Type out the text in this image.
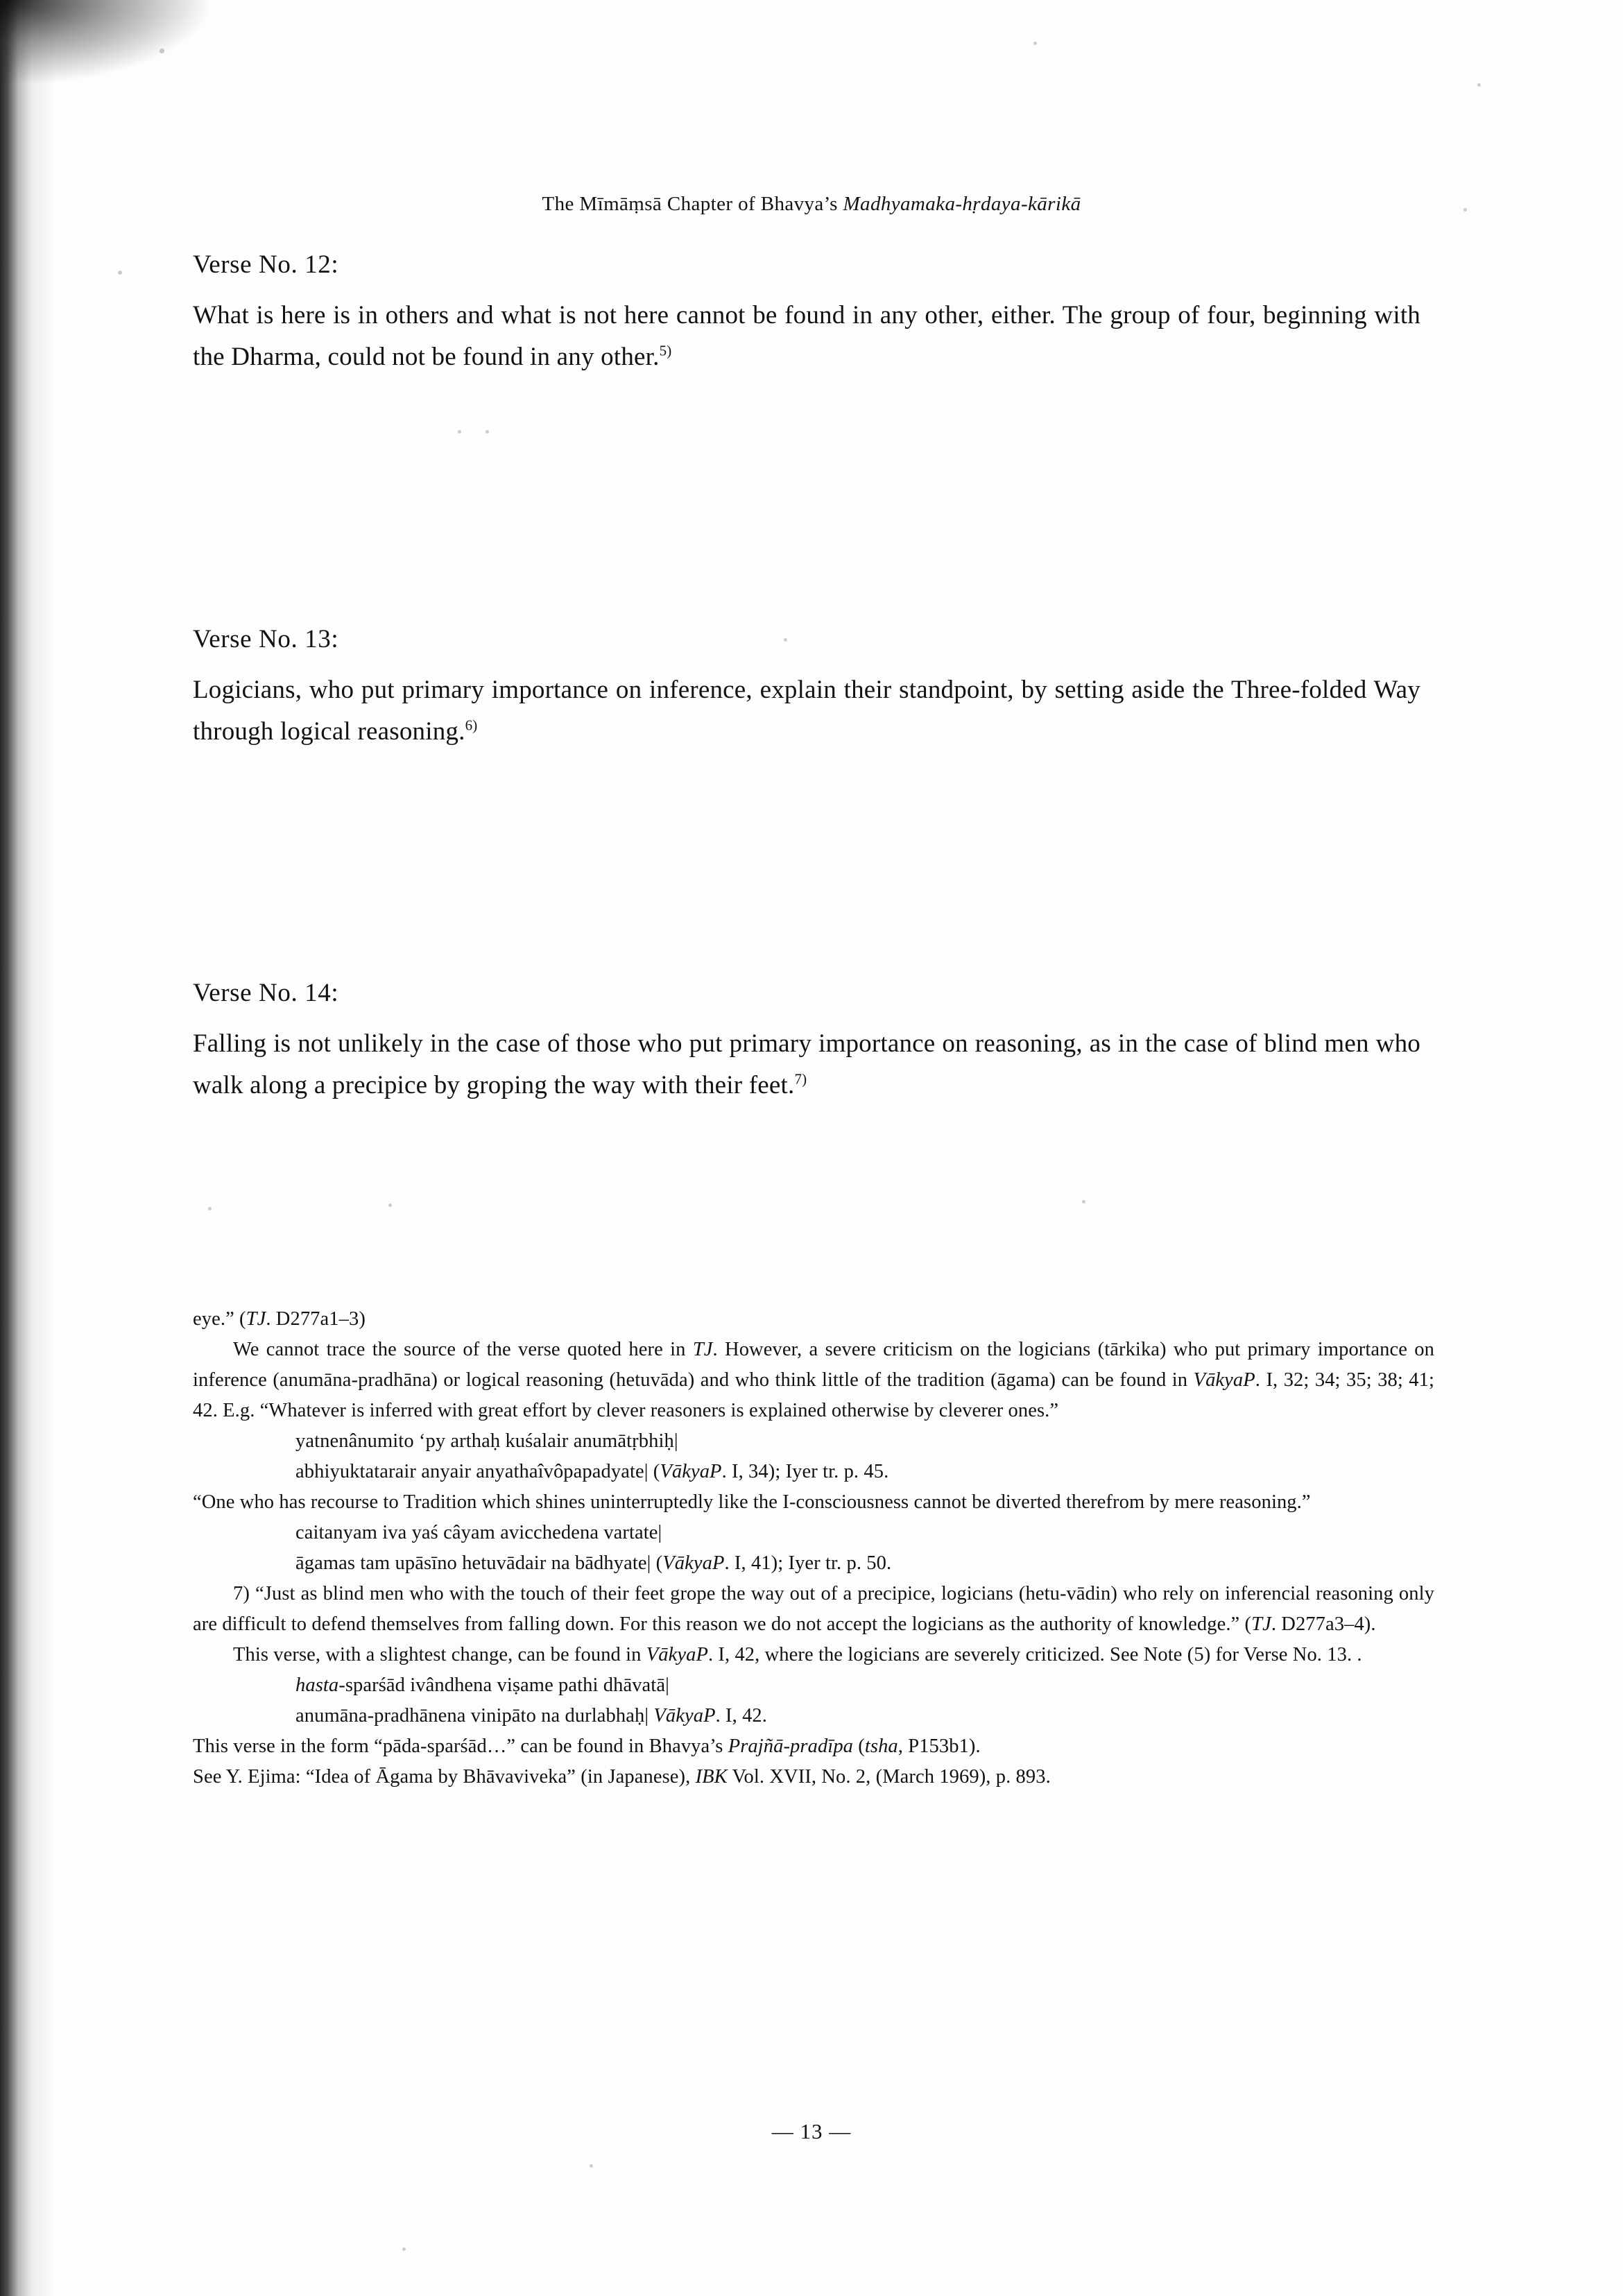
The Mīmāṃsā Chapter of Bhavya’s Madhyamaka-hṛdaya-kārikā
Verse No. 12:
What is here is in others and what is not here cannot be found in any other, either. The group of four, beginning with the Dharma, could not be found in any other.$^{5)}$
Verse No. 13:
Logicians, who put primary importance on inference, explain their standpoint, by setting aside the Three-folded Way through logical reasoning.$^{6)}$
Verse No. 14:
Falling is not unlikely in the case of those who put primary importance on reasoning, as in the case of blind men who walk along a precipice by groping the way with their feet.$^{7)}$

eye.” (TJ. D277a1–3)

We cannot trace the source of the verse quoted here in TJ. However, a severe criticism on the logicians (tārkika) who put primary importance on inference (anumāna-pradhāna) or logical reasoning (hetuvāda) and who think little of the tradition (āgama) can be found in VākyaP. I, 32; 34; 35; 38; 41; 42. E.g. “Whatever is inferred with great effort by clever reasoners is explained otherwise by cleverer ones.”

yatnenânumito ‘py arthaḥ kuśalair anumātṛbhiḥ|

abhiyuktatarair anyair anyathaîvôpapadyate| (VākyaP. I, 34); Iyer tr. p. 45.

“One who has recourse to Tradition which shines uninterruptedly like the I-consciousness cannot be diverted therefrom by mere reasoning.”

caitanyam iva yaś câyam avicchedena vartate|

āgamas tam upāsīno hetuvādair na bādhyate| (VākyaP. I, 41); Iyer tr. p. 50.

7) “Just as blind men who with the touch of their feet grope the way out of a precipice, logicians (hetu-vādin) who rely on inferencial reasoning only are difficult to defend themselves from falling down. For this reason we do not accept the logicians as the authority of knowledge.” (TJ. D277a3–4).

This verse, with a slightest change, can be found in VākyaP. I, 42, where the logicians are severely criticized. See Note (5) for Verse No. 13. .

hasta-sparśād ivândhena viṣame pathi dhāvatā|

anumāna-pradhānena vinipāto na durlabhaḥ| VākyaP. I, 42.

This verse in the form “pāda-sparśād…” can be found in Bhavya’s Prajñā-pradīpa (tsha, P153b1).

See Y. Ejima: “Idea of Āgama by Bhāvaviveka” (in Japanese), IBK Vol. XVII, No. 2, (March 1969), p. 893.

— 13 —
